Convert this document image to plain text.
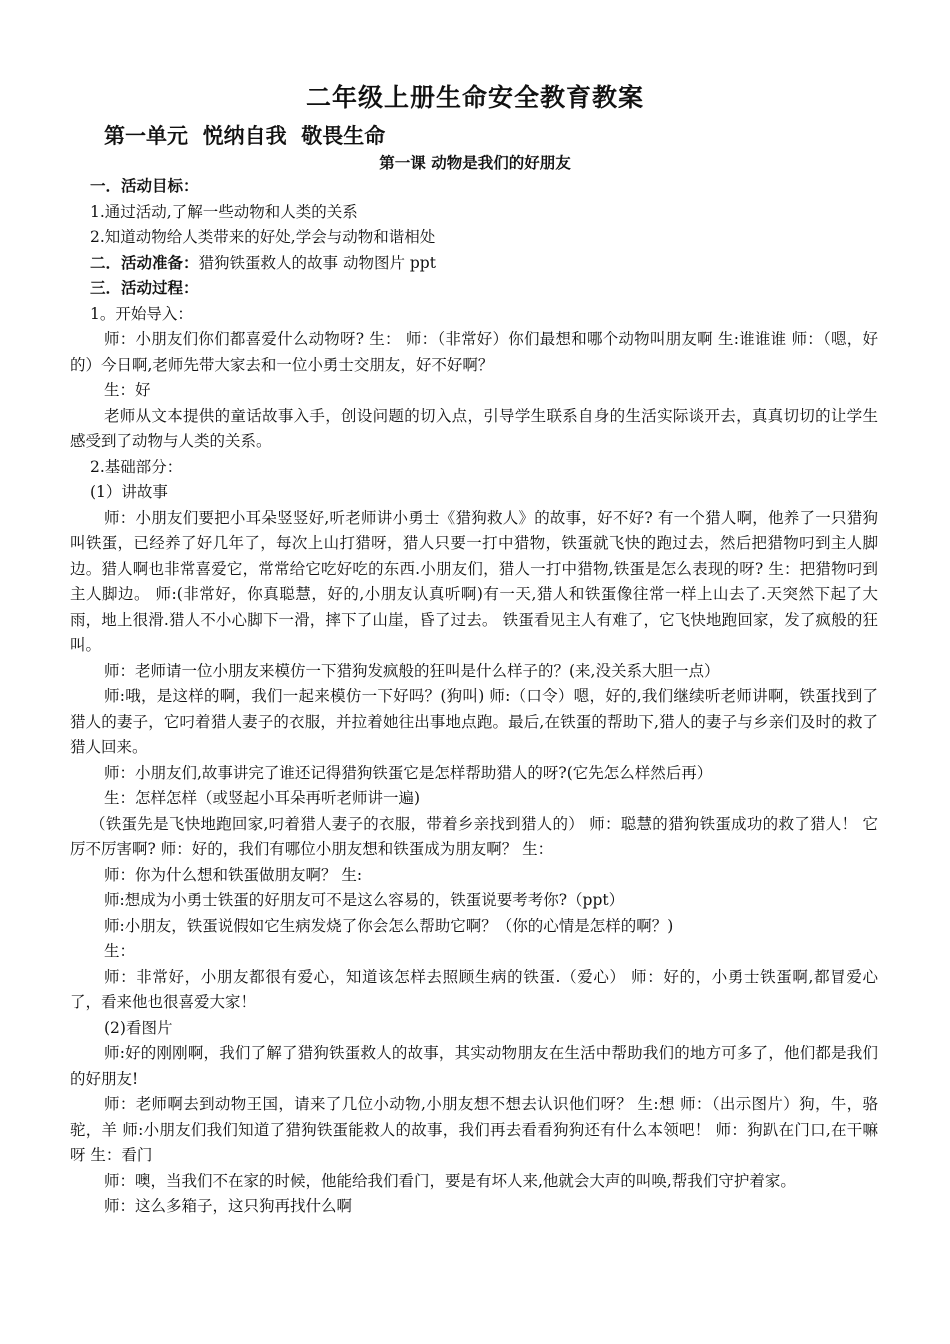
二年级上册生命安全教育教案
第一单元  悦纳自我  敬畏生命
第一课 动物是我们的好朋友

一．活动目标：

1.通过活动,了解一些动物和人类的关系

2.知道动物给人类带来的好处,学会与动物和谐相处

二．活动准备：猎狗铁蛋救人的故事 动物图片 ppt

三．活动过程：

1。开始导入：

师：小朋友们你们都喜爱什么动物呀? 生： 师：（非常好）你们最想和哪个动物叫朋友啊 生:谁谁谁 师：（嗯，好的）今日啊,老师先带大家去和一位小勇士交朋友，好不好啊？

生：好

老师从文本提供的童话故事入手，创设问题的切入点，引导学生联系自身的生活实际谈开去，真真切切的让学生感受到了动物与人类的关系。

2.基础部分：

(1）讲故事

师：小朋友们要把小耳朵竖竖好,听老师讲小勇士《猎狗救人》的故事，好不好? 有一个猎人啊，他养了一只猎狗叫铁蛋，已经养了好几年了，每次上山打猎呀，猎人只要一打中猎物，铁蛋就飞快的跑过去，然后把猎物叼到主人脚边。猎人啊也非常喜爱它，常常给它吃好吃的东西.小朋友们，猎人一打中猎物,铁蛋是怎么表现的呀? 生：把猎物叼到主人脚边。 师:(非常好，你真聪慧，好的,小朋友认真听啊)有一天,猎人和铁蛋像往常一样上山去了.天突然下起了大雨，地上很滑.猎人不小心脚下一滑，摔下了山崖，昏了过去。 铁蛋看见主人有难了，它飞快地跑回家，发了疯般的狂叫。

师：老师请一位小朋友来模仿一下猎狗发疯般的狂叫是什么样子的？(来,没关系大胆一点）

师:哦，是这样的啊，我们一起来模仿一下好吗？(狗叫) 师:（口令）嗯，好的,我们继续听老师讲啊，铁蛋找到了猎人的妻子，它叼着猎人妻子的衣服，并拉着她往出事地点跑。最后,在铁蛋的帮助下,猎人的妻子与乡亲们及时的救了猎人回来。

师：小朋友们,故事讲完了谁还记得猎狗铁蛋它是怎样帮助猎人的呀?(它先怎么样然后再）

生：怎样怎样（或竖起小耳朵再听老师讲一遍)

（铁蛋先是飞快地跑回家,叼着猎人妻子的衣服，带着乡亲找到猎人的） 师：聪慧的猎狗铁蛋成功的救了猎人！ 它厉不厉害啊? 师：好的，我们有哪位小朋友想和铁蛋成为朋友啊？ 生：

师：你为什么想和铁蛋做朋友啊？ 生:

师:想成为小勇士铁蛋的好朋友可不是这么容易的，铁蛋说要考考你?（ppt）

师:小朋友，铁蛋说假如它生病发烧了你会怎么帮助它啊？（你的心情是怎样的啊？)

生：

师：非常好，小朋友都很有爱心，知道该怎样去照顾生病的铁蛋.（爱心） 师：好的，小勇士铁蛋啊,都冒爱心了，看来他也很喜爱大家！

(2)看图片

师:好的刚刚啊，我们了解了猎狗铁蛋救人的故事，其实动物朋友在生活中帮助我们的地方可多了，他们都是我们的好朋友!

师：老师啊去到动物王国，请来了几位小动物,小朋友想不想去认识他们呀？ 生:想 师：（出示图片）狗，牛，骆驼，羊 师:小朋友们我们知道了猎狗铁蛋能救人的故事，我们再去看看狗狗还有什么本领吧！ 师：狗趴在门口,在干嘛呀 生：看门

师：噢，当我们不在家的时候，他能给我们看门，要是有坏人来,他就会大声的叫唤,帮我们守护着家。

师：这么多箱子，这只狗再找什么啊
